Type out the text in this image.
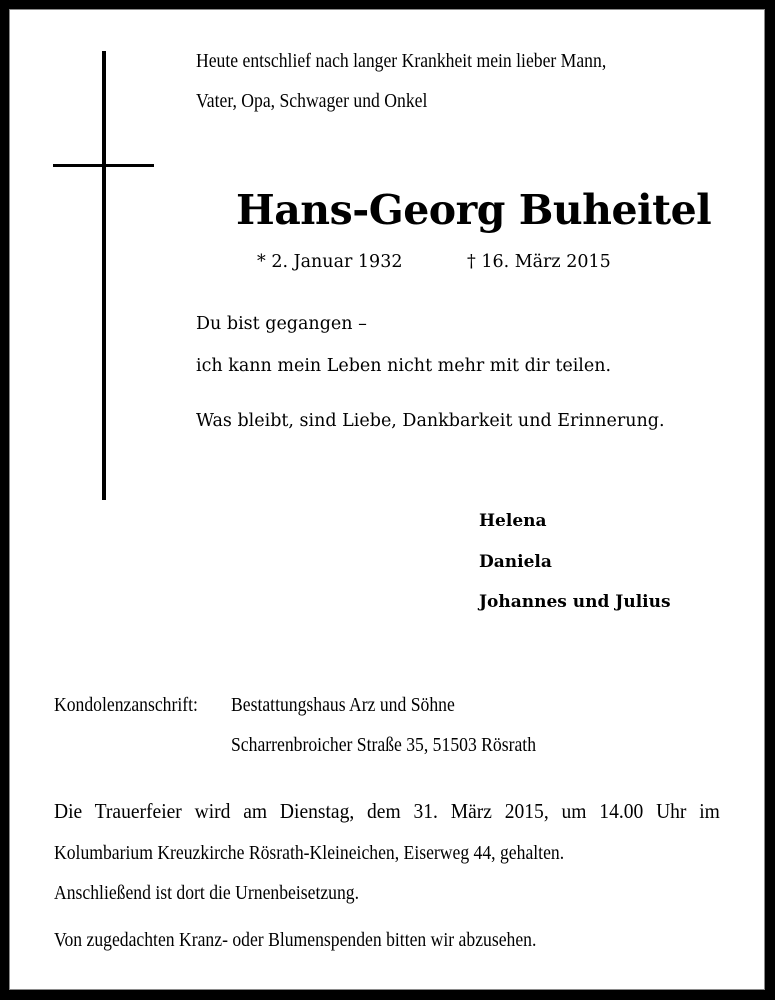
Heute entschlief nach langer Krankheit mein lieber Mann,
Vater, Opa, Schwager und Onkel
Hans-Georg Buheitel
* 2. Januar 1932	† 16. März 2015
Du bist gegangen –
ich kann mein Leben nicht mehr mit dir teilen.
Was bleibt, sind Liebe, Dankbarkeit und Erinnerung.
Helena
Daniela
Johannes und Julius
Kondolenzanschrift: Bestattungshaus Arz und Söhne
Scharrenbroicher Straße 35, 51503 Rösrath
Die Trauerfeier wird am Dienstag, dem 31. März 2015, um 14.00 Uhr im
Kolumbarium Kreuzkirche Rösrath-Kleineichen, Eiserweg 44, gehalten.
Anschließend ist dort die Urnenbeisetzung.
Von zugedachten Kranz- oder Blumenspenden bitten wir abzusehen.
